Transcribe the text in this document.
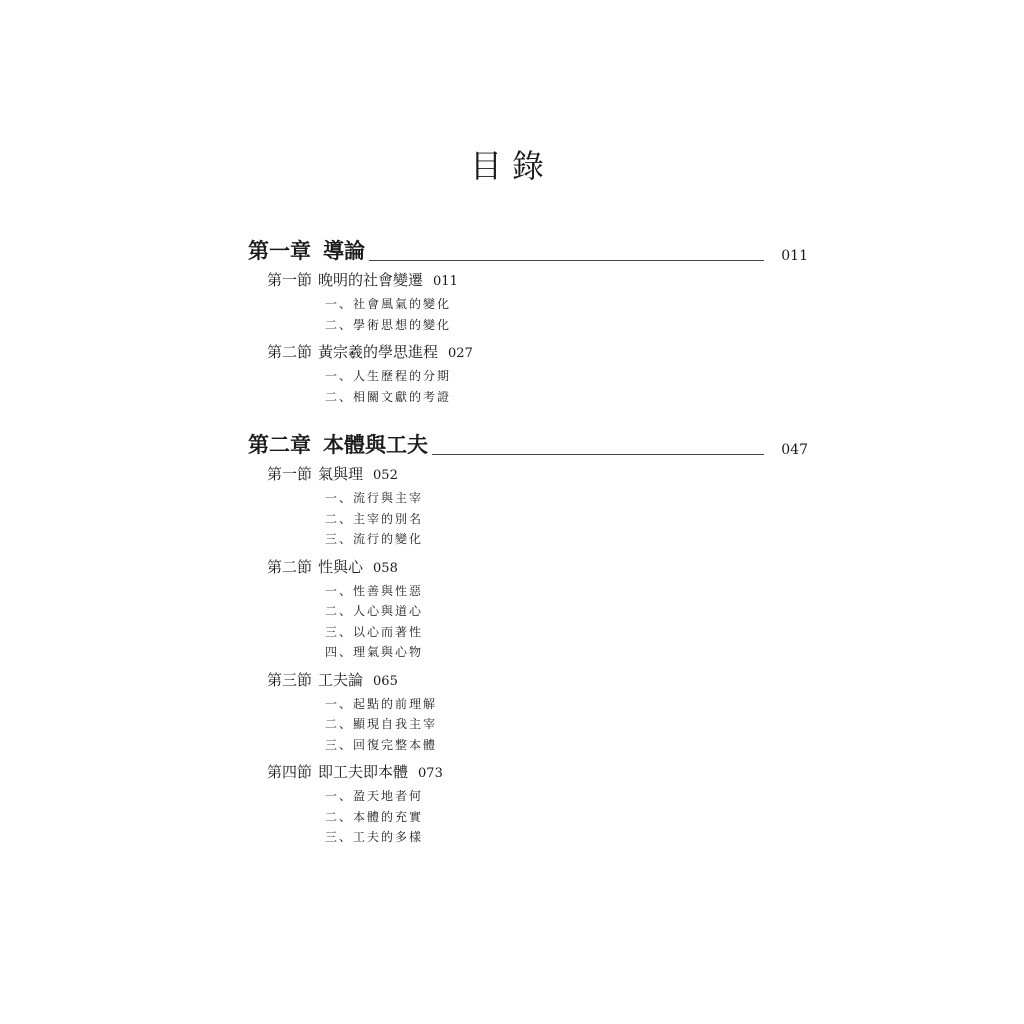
目錄
第一章 導論	011
第一節 晚明的社會變遷 011
一、社會風氣的變化
二、學術思想的變化
第二節 黃宗羲的學思進程 027
一、人生歷程的分期
二、相關文獻的考證
第二章 本體與工夫	047
第一節 氣與理 052
一、流行與主宰
二、主宰的別名
三、流行的變化
第二節 性與心 058
一、性善與性惡
二、人心與道心
三、以心而著性
四、理氣與心物
第三節 工夫論 065
一、起點的前理解
二、顯現自我主宰
三、回復完整本體
第四節 即工夫即本體 073
一、盈天地者何
二、本體的充實
三、工夫的多樣
